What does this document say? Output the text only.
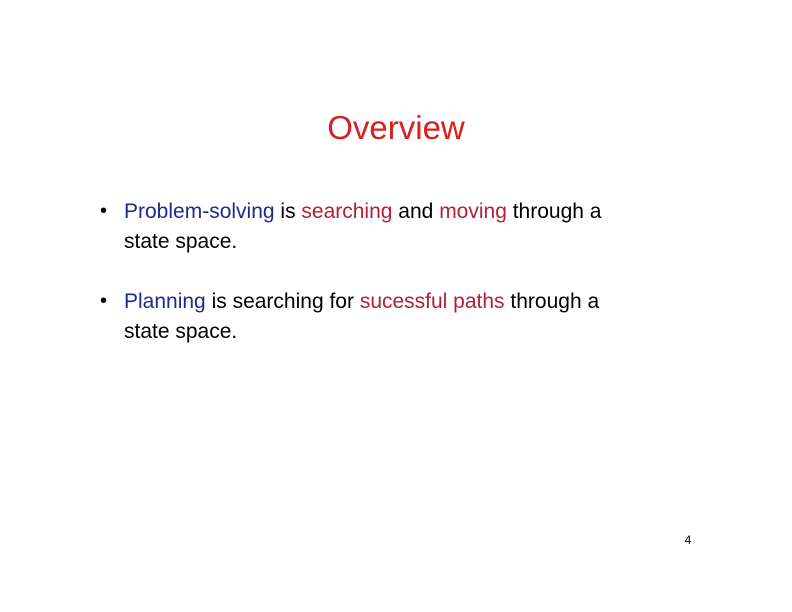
Overview
• Problem-solving is searching and moving through a
state space.
• Planning is searching for sucessful paths through a
state space.
4
